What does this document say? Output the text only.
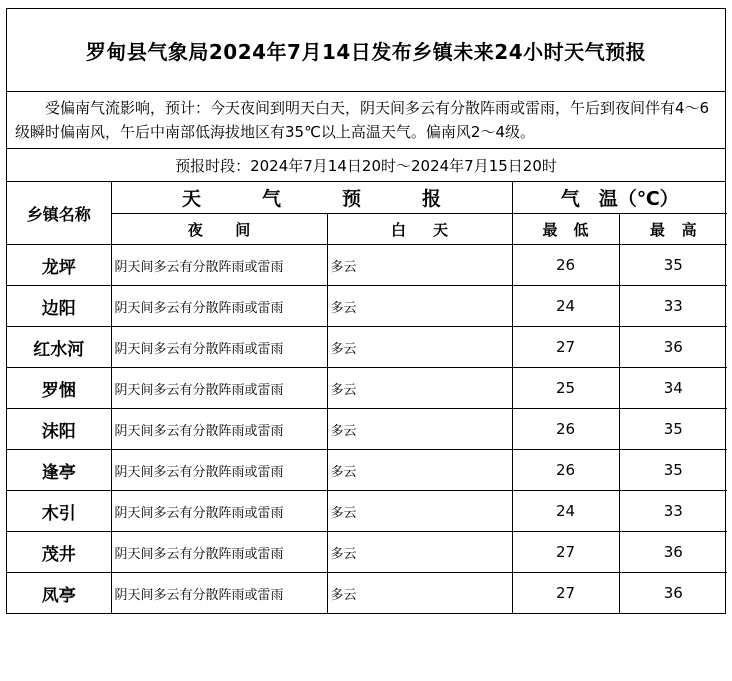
罗甸县气象局2024年7月14日发布乡镇未来24小时天气预报
受偏南气流影响，预计：今天夜间到明天白天，阴天间多云有分散阵雨或雷雨，午后到夜间伴有4～6级瞬时偏南风，午后中南部低海拔地区有35℃以上高温天气。偏南风2～4级。
预报时段：2024年7月14日20时～2024年7月15日20时
乡镇名称	天 气 预 报		气　温（℃）	

	夜 间	白 天	最 低	最 高

龙坪	阴天间多云有分散阵雨或雷雨	多云	26	35
边阳	阴天间多云有分散阵雨或雷雨	多云	24	33
红水河	阴天间多云有分散阵雨或雷雨	多云	27	36
罗悃	阴天间多云有分散阵雨或雷雨	多云	25	34
沫阳	阴天间多云有分散阵雨或雷雨	多云	26	35
逢亭	阴天间多云有分散阵雨或雷雨	多云	26	35
木引	阴天间多云有分散阵雨或雷雨	多云	24	33
茂井	阴天间多云有分散阵雨或雷雨	多云	27	36
凤亭	阴天间多云有分散阵雨或雷雨	多云	27	36
